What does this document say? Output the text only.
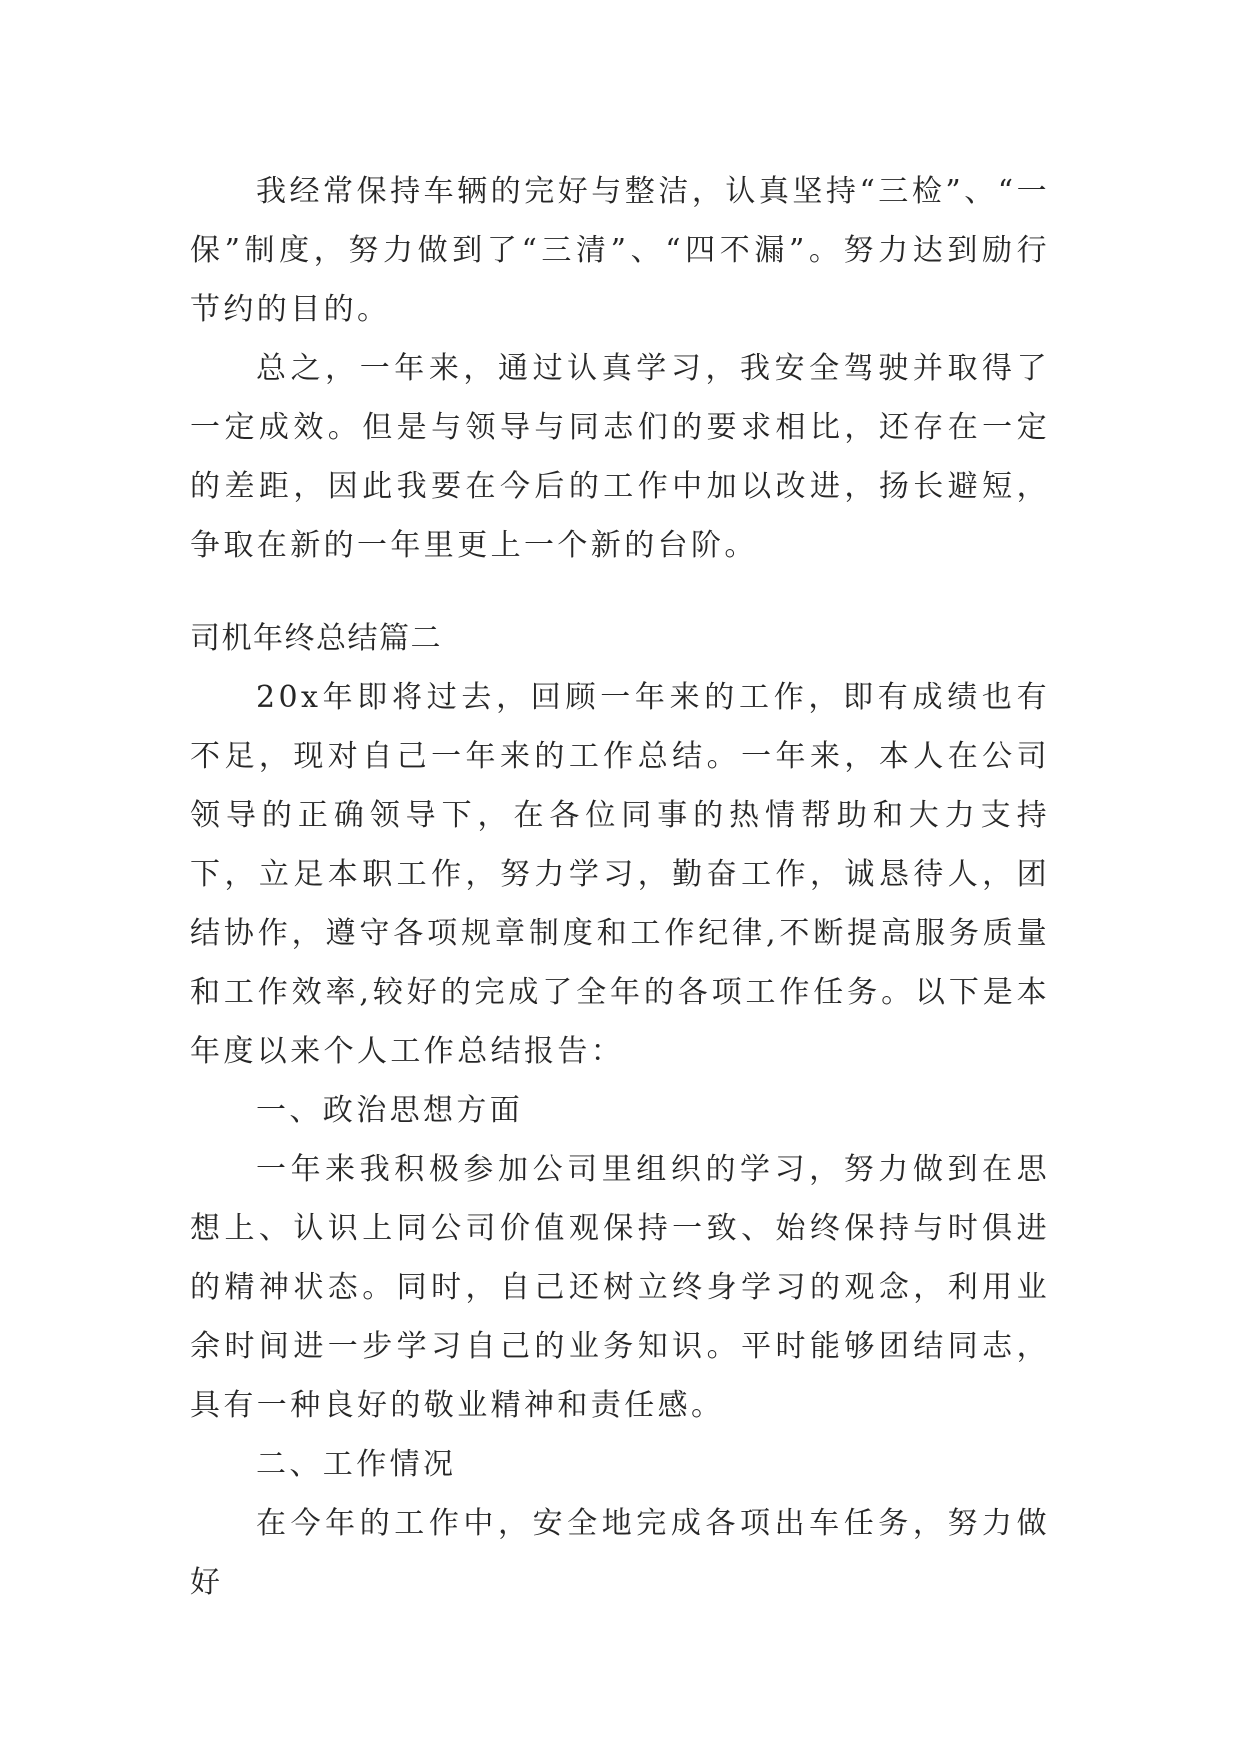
我经常保持车辆的完好与整洁，认真坚持“三检”、“一保”制度，努力做到了“三清”、“四不漏”。努力达到励行节约的目的。

总之，一年来，通过认真学习，我安全驾驶并取得了一定成效。但是与领导与同志们的要求相比，还存在一定的差距，因此我要在今后的工作中加以改进，扬长避短，争取在新的一年里更上一个新的台阶。

司机年终总结篇二

20x年即将过去，回顾一年来的工作，即有成绩也有不足，现对自己一年来的工作总结。一年来，本人在公司领导的正确领导下，在各位同事的热情帮助和大力支持下，立足本职工作，努力学习，勤奋工作，诚恳待人，团结协作，遵守各项规章制度和工作纪律,不断提高服务质量和工作效率,较好的完成了全年的各项工作任务。以下是本年度以来个人工作总结报告：

一、政治思想方面

一年来我积极参加公司里组织的学习，努力做到在思想上、认识上同公司价值观保持一致、始终保持与时俱进的精神状态。同时，自己还树立终身学习的观念，利用业余时间进一步学习自己的业务知识。平时能够团结同志，具有一种良好的敬业精神和责任感。

二、工作情况

在今年的工作中，安全地完成各项出车任务，努力做好
